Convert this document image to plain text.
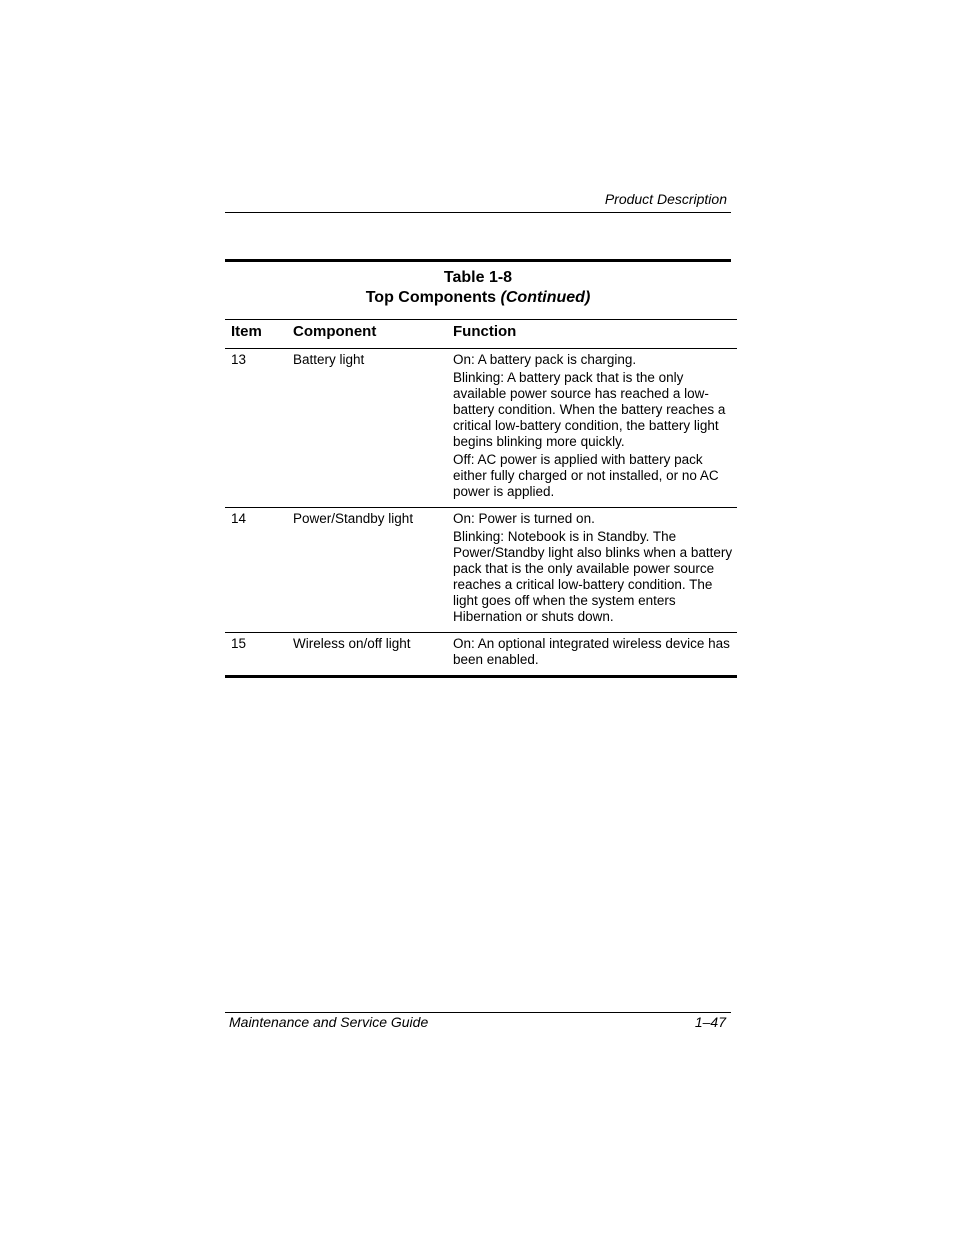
Product Description
Table 1-8
Top Components (Continued)
Item	Component	Function
13	Battery light	On: A battery pack is charging.
Blinking: A battery pack that is the only available power source has reached a low-battery condition. When the battery reaches a critical low-battery condition, the battery light begins blinking more quickly.
Off: AC power is applied with battery pack either fully charged or not installed, or no AC power is applied.

14	Power/Standby light	On: Power is turned on.
Blinking: Notebook is in Standby. The Power/Standby light also blinks when a battery pack that is the only available power source reaches a critical low-battery condition. The light goes off when the system enters Hibernation or shuts down.

15	Wireless on/off light	On: An optional integrated wireless device has been enabled.
Maintenance and Service Guide	1–47
